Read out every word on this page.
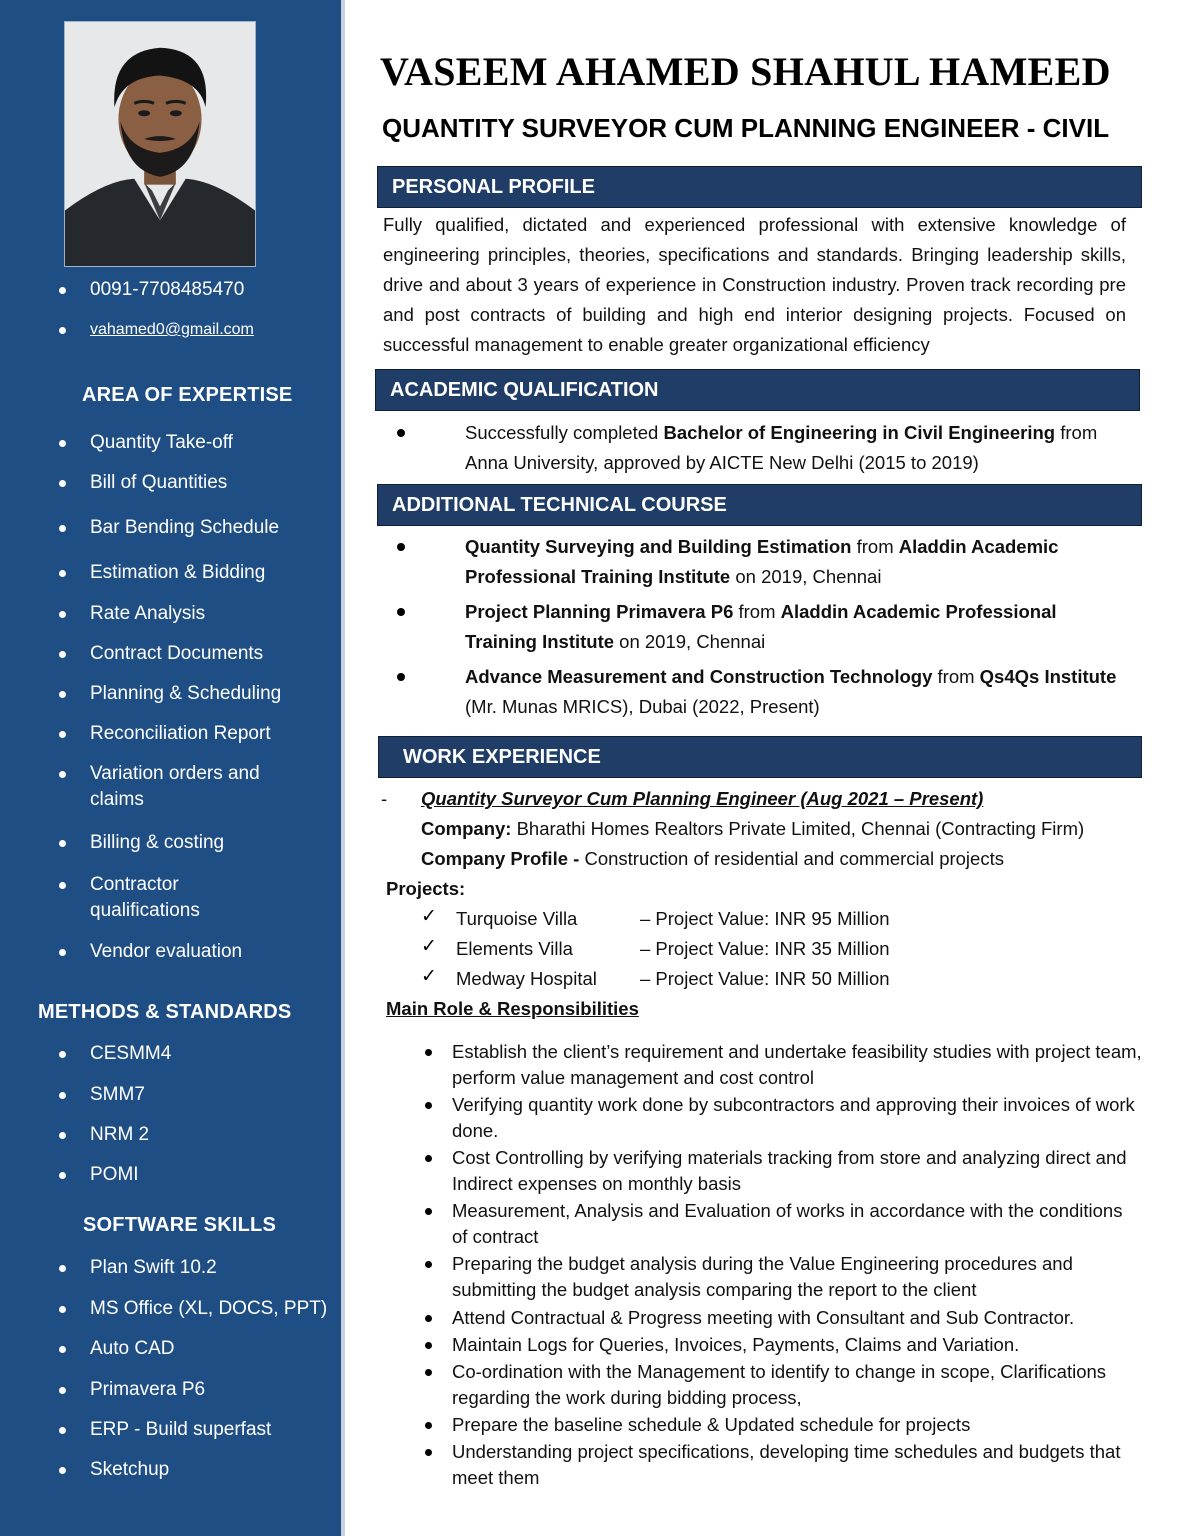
0091-7708485470
vahamed0@gmail.com
AREA OF EXPERTISE
Quantity Take-off
Bill of Quantities
Bar Bending Schedule
Estimation & Bidding
Rate Analysis
Contract Documents
Planning & Scheduling
Reconciliation Report
Variation orders and claims
Billing & costing
Contractor qualifications
Vendor evaluation
METHODS & STANDARDS
CESMM4
SMM7
NRM 2
POMI
SOFTWARE SKILLS
Plan Swift 10.2
MS Office (XL, DOCS, PPT)
Auto CAD
Primavera P6
ERP - Build superfast
Sketchup
VASEEM AHAMED SHAHUL HAMEED
QUANTITY SURVEYOR CUM PLANNING ENGINEER - CIVIL
PERSONAL PROFILE
Fully qualified, dictated and experienced professional with extensive knowledge of engineering principles, theories, specifications and standards. Bringing leadership skills, drive and about 3 years of experience in Construction industry. Proven track recording pre and post contracts of building and high end interior designing projects. Focused on successful management to enable greater organizational efficiency
ACADEMIC QUALIFICATION
Successfully completed Bachelor of Engineering in Civil Engineering from Anna University, approved by AICTE New Delhi (2015 to 2019)
ADDITIONAL TECHNICAL COURSE
Quantity Surveying and Building Estimation from Aladdin Academic Professional Training Institute on 2019, Chennai
Project Planning Primavera P6 from Aladdin Academic Professional Training Institute on 2019, Chennai
Advance Measurement and Construction Technology from Qs4Qs Institute (Mr. Munas MRICS), Dubai (2022, Present)
WORK EXPERIENCE
- Quantity Surveyor Cum Planning Engineer (Aug 2021 – Present)
Company: Bharathi Homes Realtors Private Limited, Chennai (Contracting Firm)
Company Profile - Construction of residential and commercial projects
Projects:
✓ Turquoise Villa	– Project Value: INR 95 Million
✓ Elements Villa	– Project Value: INR 35 Million
✓ Medway Hospital – Project Value: INR 50 Million
Main Role & Responsibilities
Establish the client’s requirement and undertake feasibility studies with project team, perform value management and cost control
Verifying quantity work done by subcontractors and approving their invoices of work done.
Cost Controlling by verifying materials tracking from store and analyzing direct and Indirect expenses on monthly basis
Measurement, Analysis and Evaluation of works in accordance with the conditions of contract
Preparing the budget analysis during the Value Engineering procedures and submitting the budget analysis comparing the report to the client
Attend Contractual & Progress meeting with Consultant and Sub Contractor.
Maintain Logs for Queries, Invoices, Payments, Claims and Variation.
Co-ordination with the Management to identify to change in scope, Clarifications regarding the work during bidding process,
Prepare the baseline schedule & Updated schedule for projects
Understanding project specifications, developing time schedules and budgets that meet them
